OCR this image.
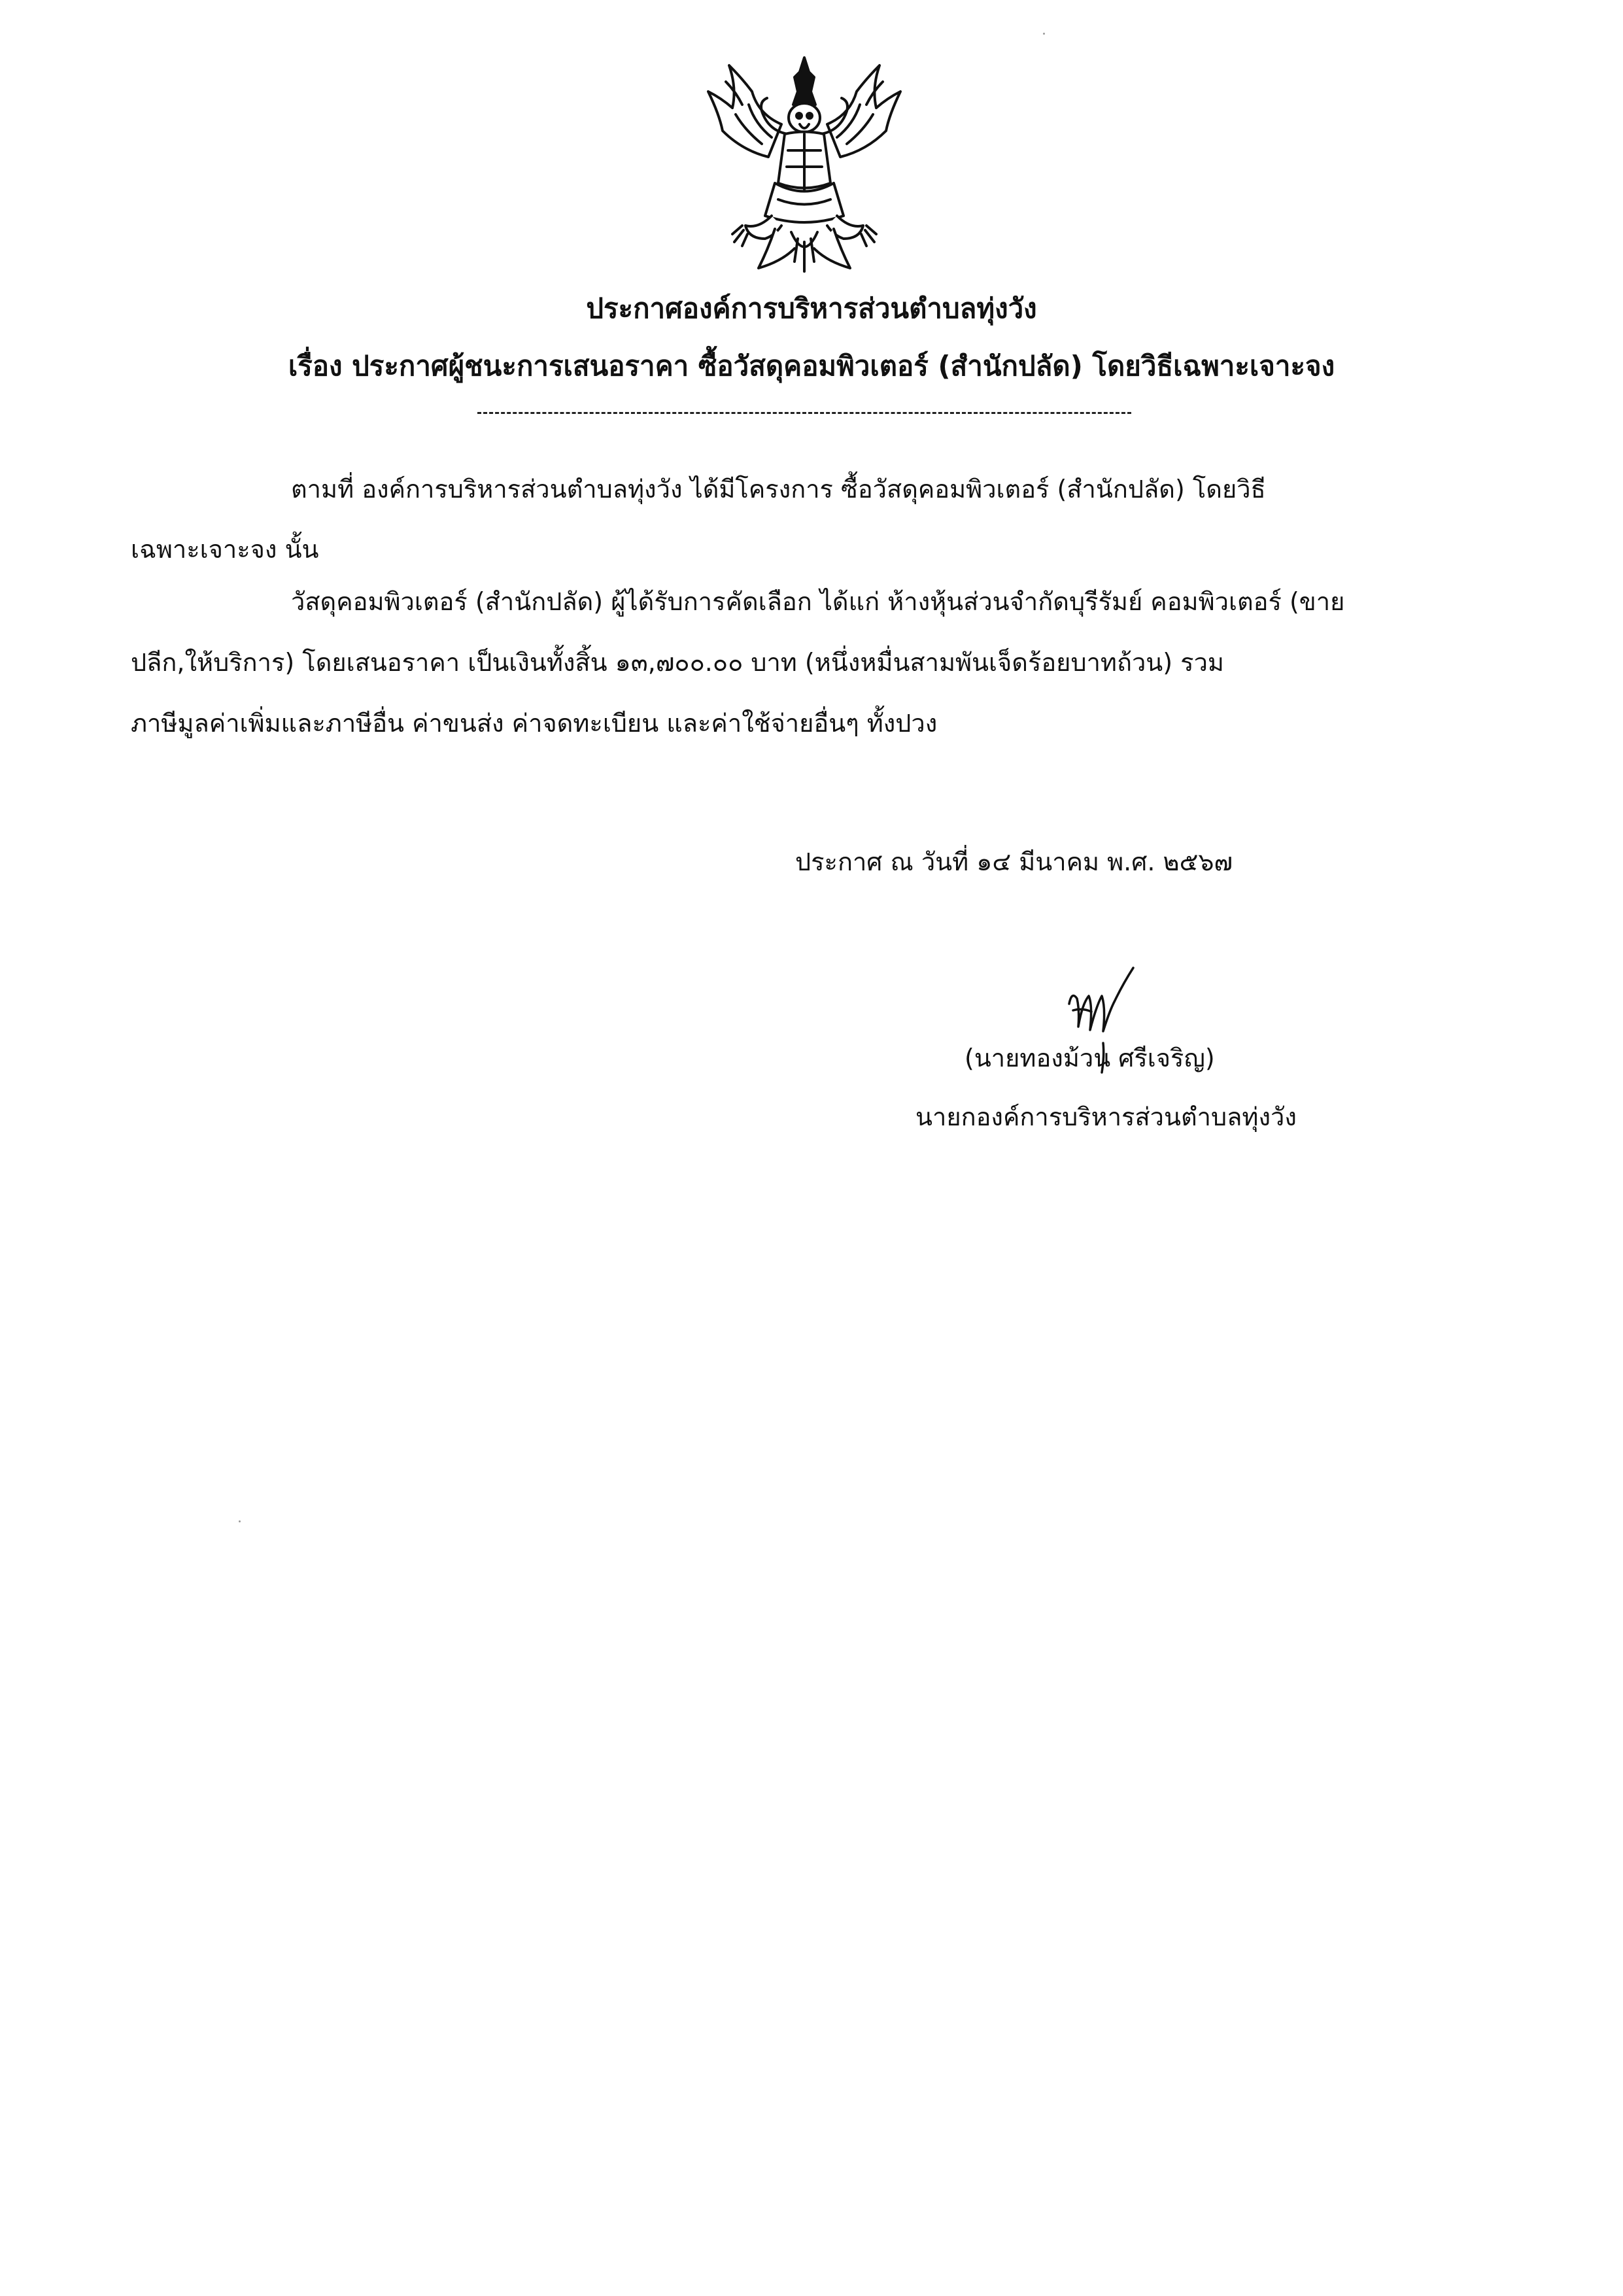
ประกาศองค์การบริหารส่วนตำบลทุ่งวัง
เรื่อง ประกาศผู้ชนะการเสนอราคา ซื้อวัสดุคอมพิวเตอร์ (สำนักปลัด) โดยวิธีเฉพาะเจาะจง
ตามที่ องค์การบริหารส่วนตำบลทุ่งวัง ได้มีโครงการ ซื้อวัสดุคอมพิวเตอร์ (สำนักปลัด) โดยวิธี
เฉพาะเจาะจง นั้น
วัสดุคอมพิวเตอร์ (สำนักปลัด) ผู้ได้รับการคัดเลือก ได้แก่ ห้างหุ้นส่วนจำกัดบุรีรัมย์ คอมพิวเตอร์ (ขาย
ปลีก,ให้บริการ) โดยเสนอราคา เป็นเงินทั้งสิ้น ๑๓,๗๐๐.๐๐ บาท (หนึ่งหมื่นสามพันเจ็ดร้อยบาทถ้วน) รวม
ภาษีมูลค่าเพิ่มและภาษีอื่น ค่าขนส่ง ค่าจดทะเบียน และค่าใช้จ่ายอื่นๆ ทั้งปวง
ประกาศ ณ วันที่ ๑๔ มีนาคม พ.ศ. ๒๕๖๗
(นายทองม้วน ศรีเจริญ)
นายกองค์การบริหารส่วนตำบลทุ่งวัง
